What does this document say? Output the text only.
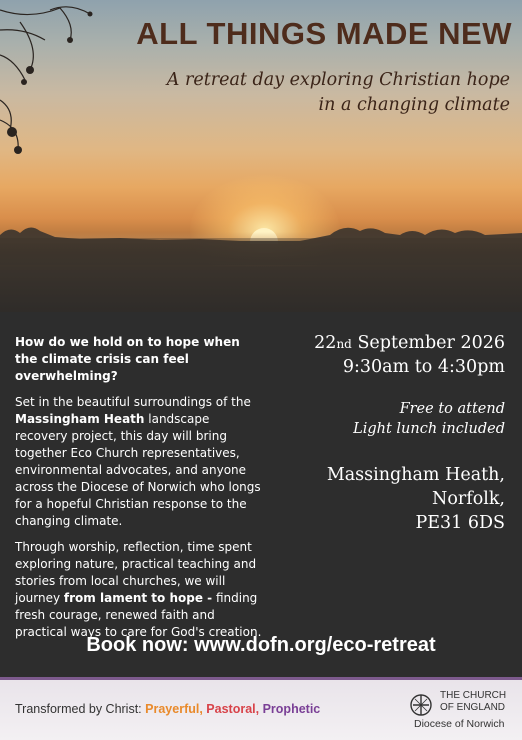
ALL THINGS MADE NEW
A retreat day exploring Christian hope
in a changing climate
How do we hold on to hope when the climate crisis can feel overwhelming?
Set in the beautiful surroundings of the Massingham Heath landscape recovery project, this day will bring together Eco Church representatives, environmental advocates, and anyone across the Diocese of Norwich who longs for a hopeful Christian response to the changing climate.
Through worship, reflection, time spent exploring nature, practical teaching and stories from local churches, we will journey from lament to hope - finding fresh courage, renewed faith and practical ways to care for God's creation.
22nd September 2026
9:30am to 4:30pm
Free to attend
Light lunch included
Massingham Heath,
Norfolk,
PE31 6DS
Book now: www.dofn.org/eco-retreat
Transformed by Christ: Prayerful, Pastoral, Prophetic
THE CHURCH
OF ENGLAND
Diocese of Norwich
